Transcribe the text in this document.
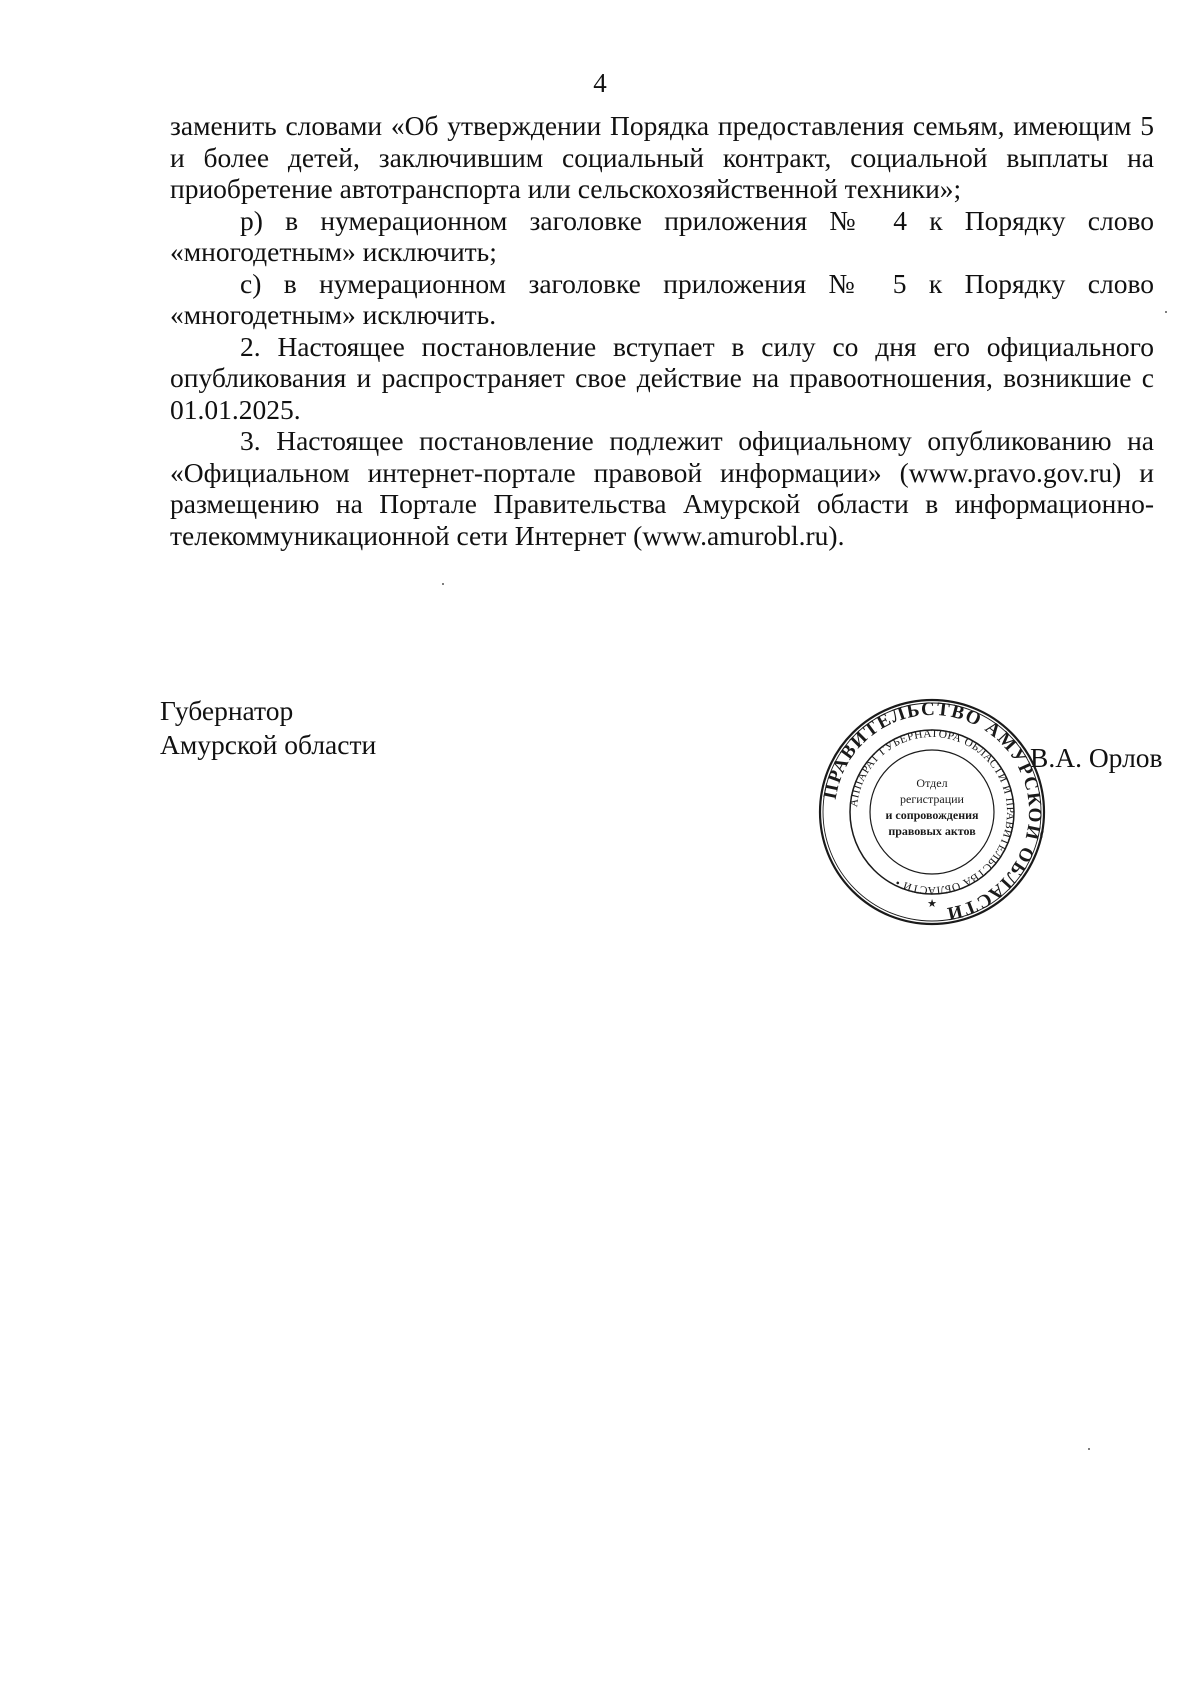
4

заменить словами «Об утверждении Порядка предоставления семьям, имеющим 5 и более детей, заключившим социальный контракт, социальной выплаты на приобретение автотранспорта или сельскохозяйственной техники»;

р) в нумерационном заголовке приложения № 4 к Порядку слово «многодетным» исключить;

с) в нумерационном заголовке приложения № 5 к Порядку слово «многодетным» исключить.

2. Настоящее постановление вступает в силу со дня его официального опубликования и распространяет свое действие на правоотношения, возникшие с 01.01.2025.

3. Настоящее постановление подлежит официальному опубликованию на «Официальном интернет-портале правовой информации» (www.pravo.gov.ru) и размещению на Портале Правительства Амурской области в информационно-телекоммуникационной сети Интернет (www.amurobl.ru).

Губернатор
Амурской области	В.А. Орлов
ПРАВИТЕЛЬСТВО АМУРСКОЙ ОБЛАСТИ
АППАРАТ ГУБЕРНАТОРА ОБЛАСТИ И ПРАВИТЕЛЬСТВА ОБЛАСТИ •
Отдел
регистрации
и сопровождения
правовых актов
★
